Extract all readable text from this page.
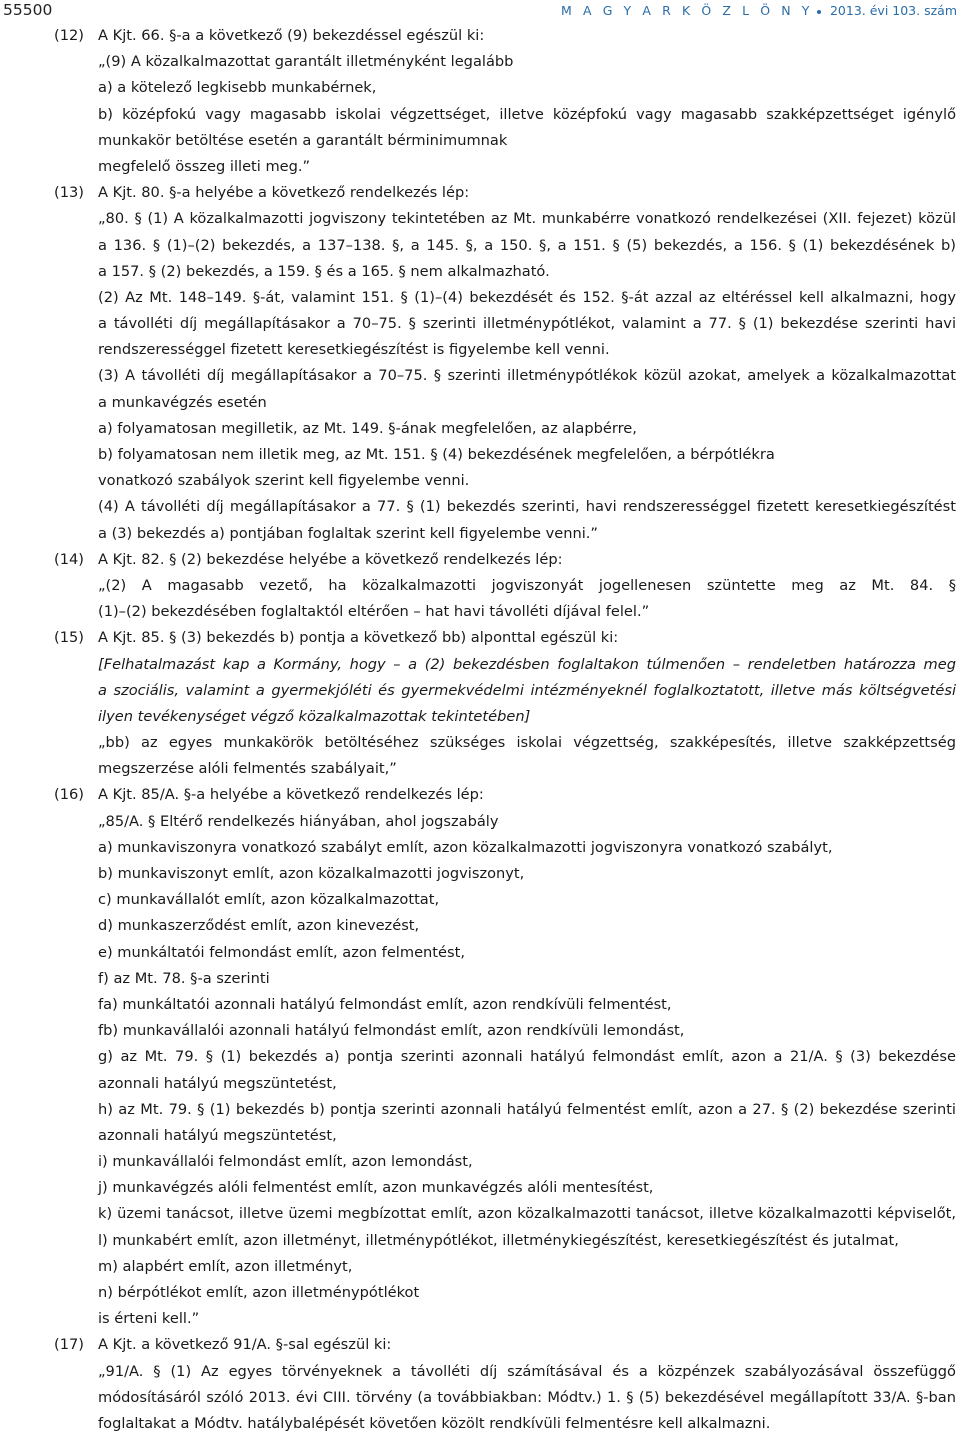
55500	M A G Y A R K Ö Z L Ö N Y 2013. évi 103. szám
(12) A Kjt. 66. §-a a következő (9) bekezdéssel egészül ki:
„(9) A közalkalmazottat garantált illetményként legalább
a) a kötelező legkisebb munkabérnek,
b) középfokú vagy magasabb iskolai végzettséget, illetve középfokú vagy magasabb szakképzettséget igénylő
munkakör betöltése esetén a garantált bérminimumnak
megfelelő összeg illeti meg.”
(13) A Kjt. 80. §-a helyébe a következő rendelkezés lép:
„80. § (1) A közalkalmazotti jogviszony tekintetében az Mt. munkabérre vonatkozó rendelkezései (XII. fejezet) közül
a 136. § (1)–(2) bekezdés, a 137–138. §, a 145. §, a 150. §, a 151. § (5) bekezdés, a 156. § (1) bekezdésének b)
a 157. § (2) bekezdés, a 159. § és a 165. § nem alkalmazható.
(2) Az Mt. 148–149. §-át, valamint 151. § (1)–(4) bekezdését és 152. §-át azzal az eltéréssel kell alkalmazni, hogy
a távolléti díj megállapításakor a 70–75. § szerinti illetménypótlékot, valamint a 77. § (1) bekezdése szerinti havi
rendszerességgel fizetett keresetkiegészítést is figyelembe kell venni.
(3) A távolléti díj megállapításakor a 70–75. § szerinti illetménypótlékok közül azokat, amelyek a közalkalmazottat
a munkavégzés esetén
a) folyamatosan megilletik, az Mt. 149. §-ának megfelelően, az alapbérre,
b) folyamatosan nem illetik meg, az Mt. 151. § (4) bekezdésének megfelelően, a bérpótlékra
vonatkozó szabályok szerint kell figyelembe venni.
(4) A távolléti díj megállapításakor a 77. § (1) bekezdés szerinti, havi rendszerességgel fizetett keresetkiegészítést
a (3) bekezdés a) pontjában foglaltak szerint kell figyelembe venni.”
(14) A Kjt. 82. § (2) bekezdése helyébe a következő rendelkezés lép:
„(2) A magasabb vezető, ha közalkalmazotti jogviszonyát jogellenesen szüntette meg az Mt. 84. §
(1)–(2) bekezdésében foglaltaktól eltérően – hat havi távolléti díjával felel.”
(15) A Kjt. 85. § (3) bekezdés b) pontja a következő bb) alponttal egészül ki:
[Felhatalmazást kap a Kormány, hogy – a (2) bekezdésben foglaltakon túlmenően – rendeletben határozza meg
a szociális, valamint a gyermekjóléti és gyermekvédelmi intézményeknél foglalkoztatott, illetve más költségvetési
ilyen tevékenységet végző közalkalmazottak tekintetében]
„bb) az egyes munkakörök betöltéséhez szükséges iskolai végzettség, szakképesítés, illetve szakképzettség
megszerzése alóli felmentés szabályait,”
(16) A Kjt. 85/A. §-a helyébe a következő rendelkezés lép:
„85/A. § Eltérő rendelkezés hiányában, ahol jogszabály
a) munkaviszonyra vonatkozó szabályt említ, azon közalkalmazotti jogviszonyra vonatkozó szabályt,
b) munkaviszonyt említ, azon közalkalmazotti jogviszonyt,
c) munkavállalót említ, azon közalkalmazottat,
d) munkaszerződést említ, azon kinevezést,
e) munkáltatói felmondást említ, azon felmentést,
f) az Mt. 78. §-a szerinti
fa) munkáltatói azonnali hatályú felmondást említ, azon rendkívüli felmentést,
fb) munkavállalói azonnali hatályú felmondást említ, azon rendkívüli lemondást,
g) az Mt. 79. § (1) bekezdés a) pontja szerinti azonnali hatályú felmondást említ, azon a 21/A. § (3) bekezdése
azonnali hatályú megszüntetést,
h) az Mt. 79. § (1) bekezdés b) pontja szerinti azonnali hatályú felmentést említ, azon a 27. § (2) bekezdése szerinti
azonnali hatályú megszüntetést,
i) munkavállalói felmondást említ, azon lemondást,
j) munkavégzés alóli felmentést említ, azon munkavégzés alóli mentesítést,
k) üzemi tanácsot, illetve üzemi megbízottat említ, azon közalkalmazotti tanácsot, illetve közalkalmazotti képviselőt,
l) munkabért említ, azon illetményt, illetménypótlékot, illetménykiegészítést, keresetkiegészítést és jutalmat,
m) alapbért említ, azon illetményt,
n) bérpótlékot említ, azon illetménypótlékot
is érteni kell.”
(17) A Kjt. a következő 91/A. §-sal egészül ki:
„91/A. § (1) Az egyes törvényeknek a távolléti díj számításával és a közpénzek szabályozásával összefüggő
módosításáról szóló 2013. évi CIII. törvény (a továbbiakban: Módtv.) 1. § (5) bekezdésével megállapított 33/A. §-ban
foglaltakat a Módtv. hatálybalépését követően közölt rendkívüli felmentésre kell alkalmazni.
